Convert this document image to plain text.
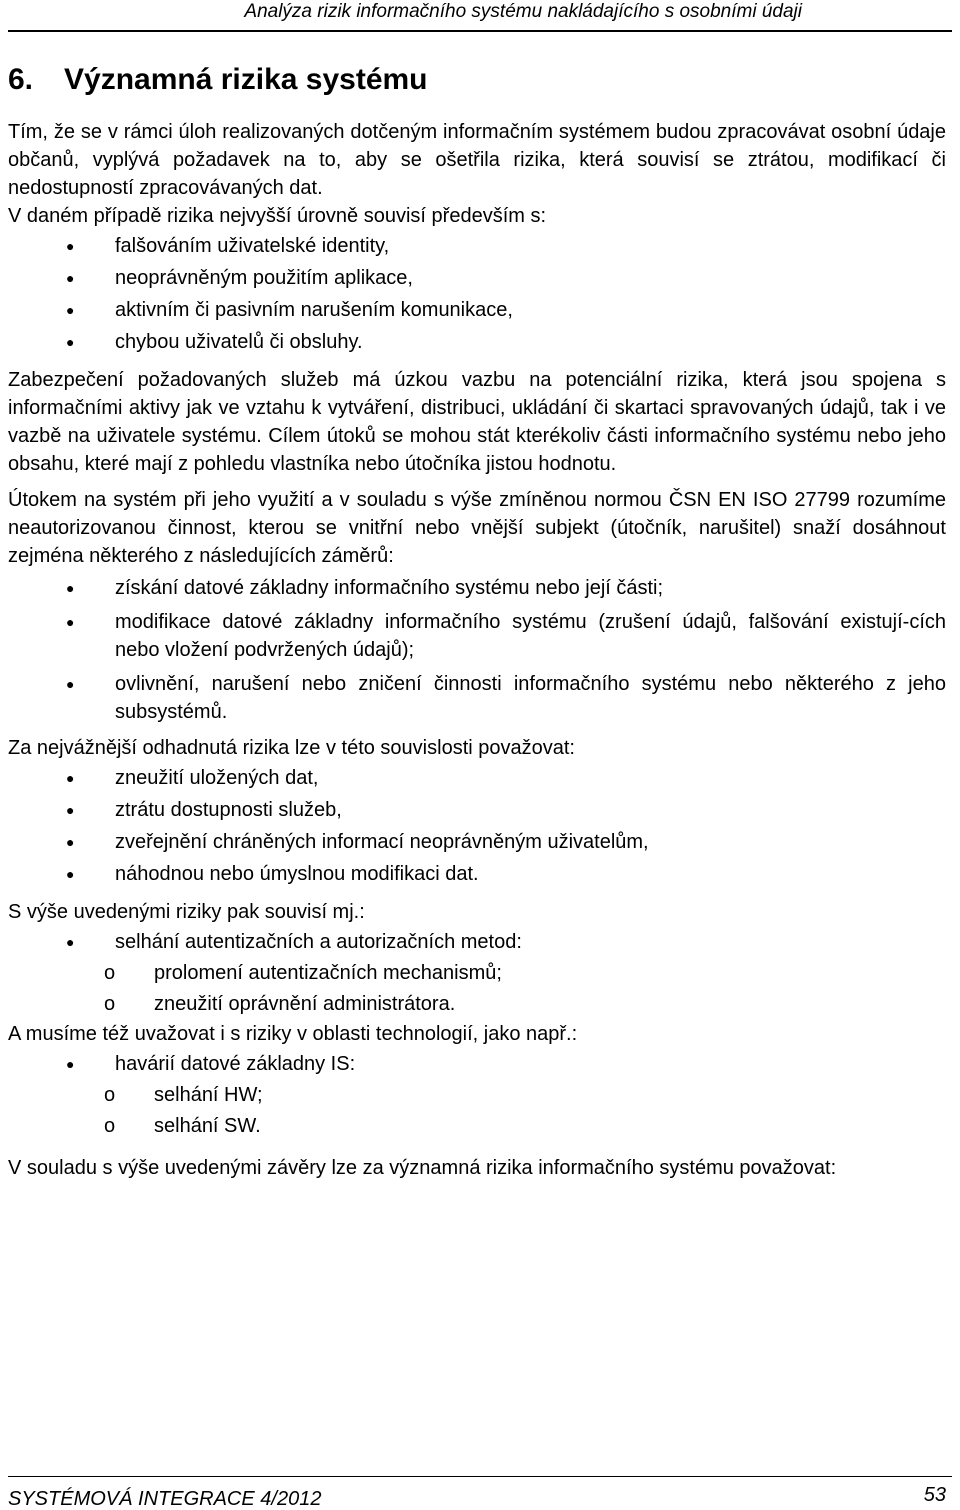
Analýza rizik informačního systému nakládajícího s osobními údaji
6. Významná rizika systému

Tím, že se v rámci úloh realizovaných dotčeným informačním systémem budou zpracovávat osobní údaje občanů, vyplývá požadavek na to, aby se ošetřila rizika, která souvisí se ztrátou, modifikací či nedostupností zpracovávaných dat.

V daném případě rizika nejvyšší úrovně souvisí především s:

● falšováním uživatelské identity,
● neoprávněným použitím aplikace,
● aktivním či pasivním narušením komunikace,
● chybou uživatelů či obsluhy.

Zabezpečení požadovaných služeb má úzkou vazbu na potenciální rizika, která jsou spojena s informačními aktivy jak ve vztahu k vytváření, distribuci, ukládání či skartaci spravovaných údajů, tak i ve vazbě na uživatele systému. Cílem útoků se mohou stát kterékoliv části informačního systému nebo jeho obsahu, které mají z pohledu vlastníka nebo útočníka jistou hodnotu.

Útokem na systém při jeho využití a v souladu s výše zmíněnou normou ČSN EN ISO 27799 rozumíme neautorizovanou činnost, kterou se vnitřní nebo vnější subjekt (útočník, narušitel) snaží dosáhnout zejména některého z následujících záměrů:

● získání datové základny informačního systému nebo její části;
● modifikace datové základny informačního systému (zrušení údajů, falšování existují-cích nebo vložení podvržených údajů);
● ovlivnění, narušení nebo zničení činnosti informačního systému nebo některého z jeho subsystémů.

Za nejvážnější odhadnutá rizika lze v této souvislosti považovat:

● zneužití uložených dat,
● ztrátu dostupnosti služeb,
● zveřejnění chráněných informací neoprávněným uživatelům,
● náhodnou nebo úmyslnou modifikaci dat.

S výše uvedenými riziky pak souvisí mj.:

● selhání autentizačních a autorizačních metod:
o prolomení autentizačních mechanismů;
o zneužití oprávnění administrátora.

A musíme též uvažovat i s riziky v oblasti technologií, jako např.:

● havárií datové základny IS:
o selhání HW;
o selhání SW.

V souladu s výše uvedenými závěry lze za významná rizika informačního systému považovat:

SYSTÉMOVÁ INTEGRACE 4/2012	53
